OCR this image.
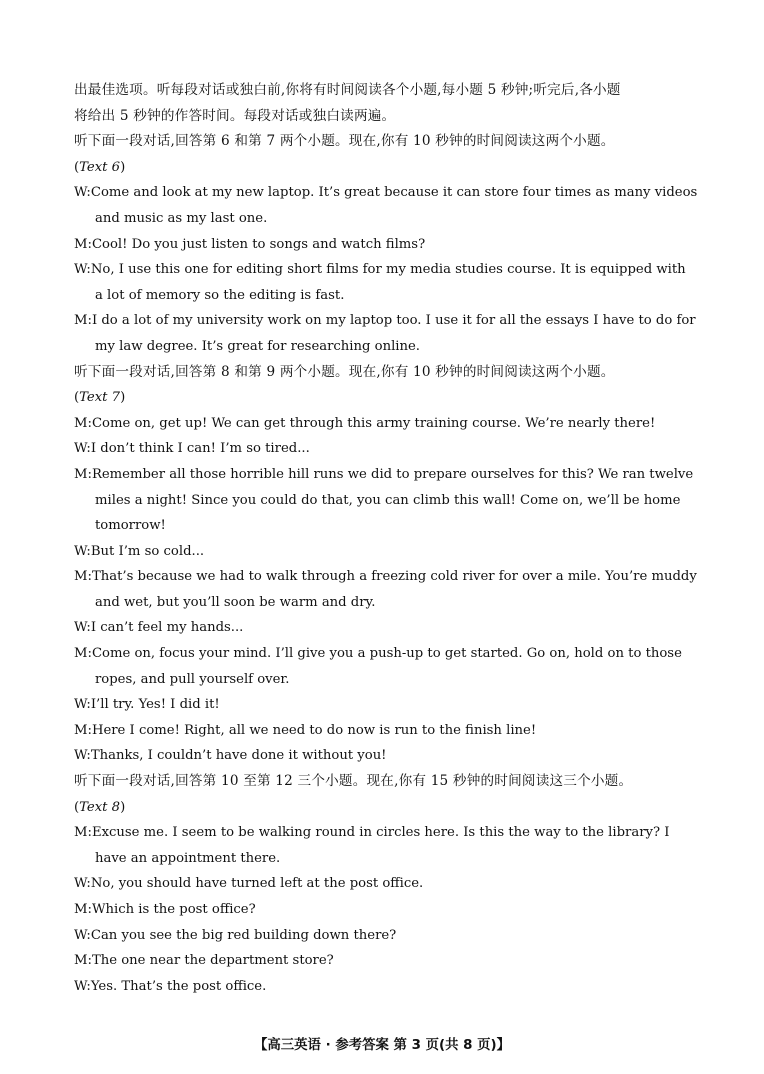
出最佳选项。听每段对话或独白前,你将有时间阅读各个小题,每小题 5 秒钟;听完后,各小题
将给出 5 秒钟的作答时间。每段对话或独白读两遍。
听下面一段对话,回答第 6 和第 7 两个小题。现在,你有 10 秒钟的时间阅读这两个小题。
(Text 6)
W:Come and look at my new laptop. It’s great because it can store four times as many videos
and music as my last one.
M:Cool! Do you just listen to songs and watch films?
W:No, I use this one for editing short films for my media studies course. It is equipped with
a lot of memory so the editing is fast.
M:I do a lot of my university work on my laptop too. I use it for all the essays I have to do for
my law degree. It’s great for researching online.
听下面一段对话,回答第 8 和第 9 两个小题。现在,你有 10 秒钟的时间阅读这两个小题。
(Text 7)
M:Come on, get up! We can get through this army training course. We’re nearly there!
W:I don’t think I can! I’m so tired...
M:Remember all those horrible hill runs we did to prepare ourselves for this? We ran twelve
miles a night! Since you could do that, you can climb this wall! Come on, we’ll be home
tomorrow!
W:But I’m so cold...
M:That’s because we had to walk through a freezing cold river for over a mile. You’re muddy
and wet, but you’ll soon be warm and dry.
W:I can’t feel my hands...
M:Come on, focus your mind. I’ll give you a push-up to get started. Go on, hold on to those
ropes, and pull yourself over.
W:I’ll try. Yes! I did it!
M:Here I come! Right, all we need to do now is run to the finish line!
W:Thanks, I couldn’t have done it without you!
听下面一段对话,回答第 10 至第 12 三个小题。现在,你有 15 秒钟的时间阅读这三个小题。
(Text 8)
M:Excuse me. I seem to be walking round in circles here. Is this the way to the library? I
have an appointment there.
W:No, you should have turned left at the post office.
M:Which is the post office?
W:Can you see the big red building down there?
M:The one near the department store?
W:Yes. That’s the post office.
【高三英语 · 参考答案 第 3 页(共 8 页)】
